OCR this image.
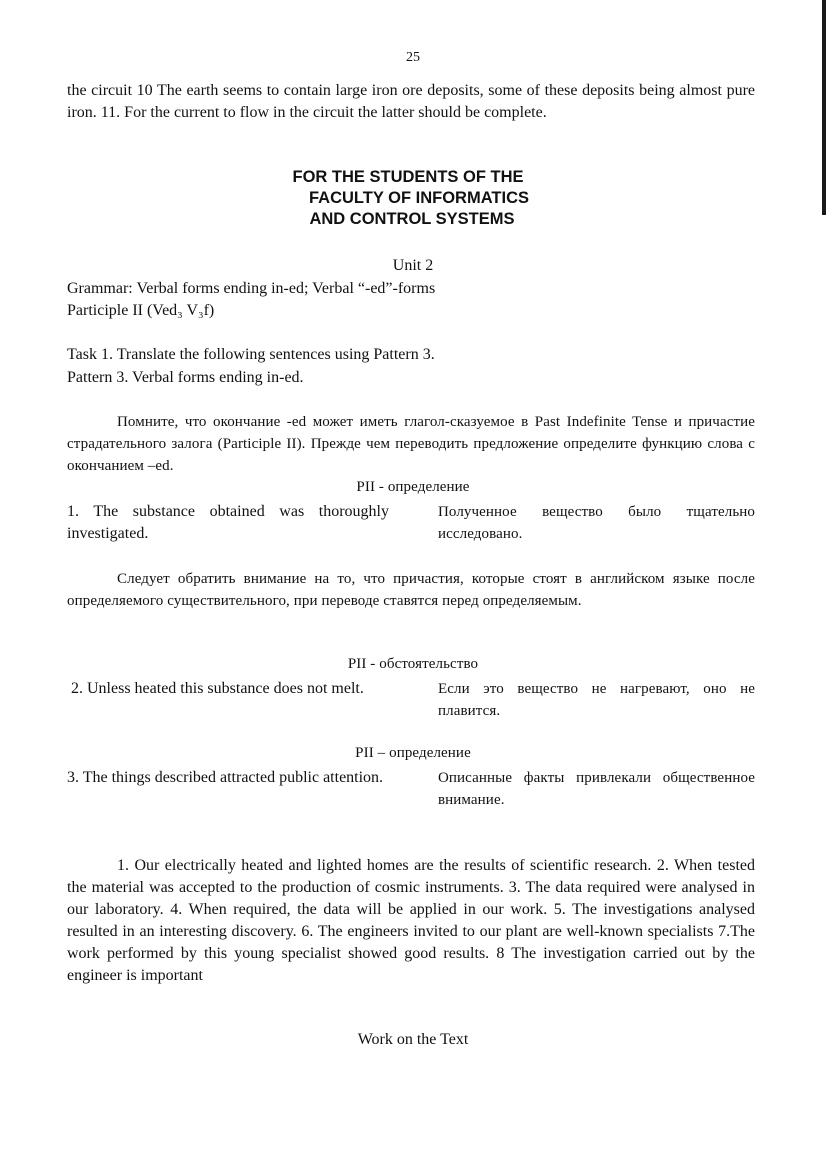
25
the circuit 10 The earth seems to contain large iron ore deposits, some of these deposits being almost pure iron. 11. For the current to flow in the circuit the latter should be complete.
FOR THE STUDENTS OF THE
FACULTY OF INFORMATICS
AND CONTROL SYSTEMS
Unit 2
Grammar: Verbal forms ending in-ed; Verbal “-ed”-forms
Participle II (Ved₃ V₃f)
Task 1. Translate the following sentences using Pattern 3.
Pattern 3. Verbal forms ending in-ed.
Помните, что окончание -ed может иметь глагол-сказуемое в Past Indefinite Tense и причастие страдательного залога (Participle II). Прежде чем переводить предложение определите функцию слова с окончанием –ed.
PII - определение
1. The substance obtained was thoroughly investigated.
Полученное вещество было тщательно исследовано.
Следует обратить внимание на то, что причастия, которые стоят в английском языке после определяемого существительного, при переводе ставятся перед определяемым.
PII - обстоятельство
2. Unless heated this substance does not melt.	Если это вещество не нагревают, оно не плавится.
PII – определение
3. The things described attracted public attention.	Описанные факты привлекали общественное внимание.
1. Our electrically heated and lighted homes are the results of scientific research. 2. When tested the material was accepted to the production of cosmic instruments. 3. The data required were analysed in our laboratory. 4. When required, the data will be applied in our work. 5. The investigations analysed resulted in an interesting discovery. 6. The engineers invited to our plant are well-known specialists 7.The work performed by this young specialist showed good results. 8 The investigation carried out by the engineer is important
Work on the Text
